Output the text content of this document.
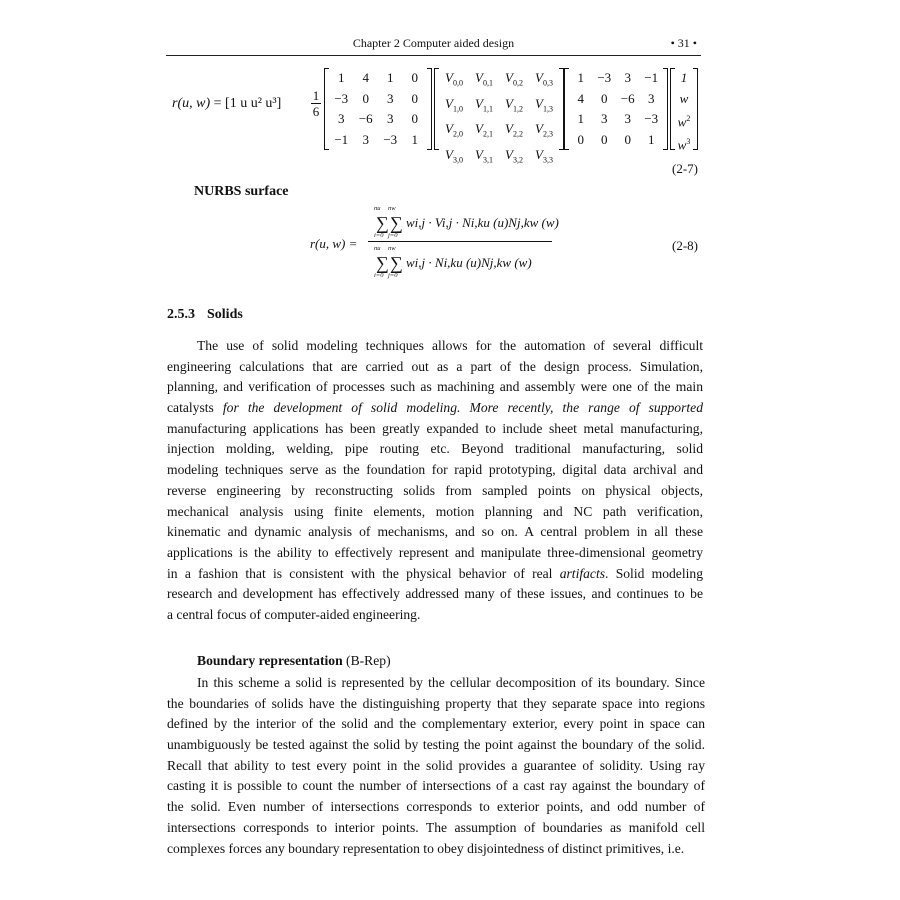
Chapter 2 Computer aided design	• 31 •
r(u, w) = [1 u u² $u^3] \frac{1}{6}$
1	4	1	0
−3	0	3	0
3	−6	3	0
−1	3	−3	1
$V_{0,0}$	$V_{0,1}$	$V_{0,2}$	$V_{0,3}$
$V_{1,0}$	$V_{1,1}$	$V_{1,2}$	$V_{1,3}$
$V_{2,0}$	$V_{2,1}$	$V_{2,2}$	$V_{2,3}$
$V_{3,0}$	$V_{3,1}$	$V_{3,2}$	$V_{3,3}$
1	−3	3	−1
4	0	−6	3
1	3	3	−3
0	0	0	1
1
w
$w^2$
$w^3$
(2-7)
NURBS surface
r(u, w) =
nu
∑
i=0
nw
∑
j=0
wi,j · Vi,j · Ni,ku (u)Nj,kw (w)
nu
∑
i=0
nw
∑
j=0
wi,j · Ni,ku (u)Nj,kw (w)
(2-8)
2.5.3 Solids
The use of solid modeling techniques allows for the automation of several difficult
engineering calculations that are carried out as a part of the design process. Simulation,
planning, and verification of processes such as machining and assembly were one of the main
catalysts for the development of solid modeling. More recently, the range of supported
manufacturing applications has been greatly expanded to include sheet metal manufacturing,
injection molding, welding, pipe routing etc. Beyond traditional manufacturing, solid
modeling techniques serve as the foundation for rapid prototyping, digital data archival and
reverse engineering by reconstructing solids from sampled points on physical objects,
mechanical analysis using finite elements, motion planning and NC path verification,
kinematic and dynamic analysis of mechanisms, and so on. A central problem in all these
applications is the ability to effectively represent and manipulate three-dimensional geometry
in a fashion that is consistent with the physical behavior of real artifacts. Solid modeling
research and development has effectively addressed many of these issues, and continues to be
a central focus of computer-aided engineering.
Boundary representation (B-Rep)
In this scheme a solid is represented by the cellular decomposition of its boundary. Since
the boundaries of solids have the distinguishing property that they separate space into regions
defined by the interior of the solid and the complementary exterior, every point in space can
unambiguously be tested against the solid by testing the point against the boundary of the solid.
Recall that ability to test every point in the solid provides a guarantee of solidity. Using ray
casting it is possible to count the number of intersections of a cast ray against the boundary of
the solid. Even number of intersections corresponds to exterior points, and odd number of
intersections corresponds to interior points. The assumption of boundaries as manifold cell
complexes forces any boundary representation to obey disjointedness of distinct primitives, i.e.
